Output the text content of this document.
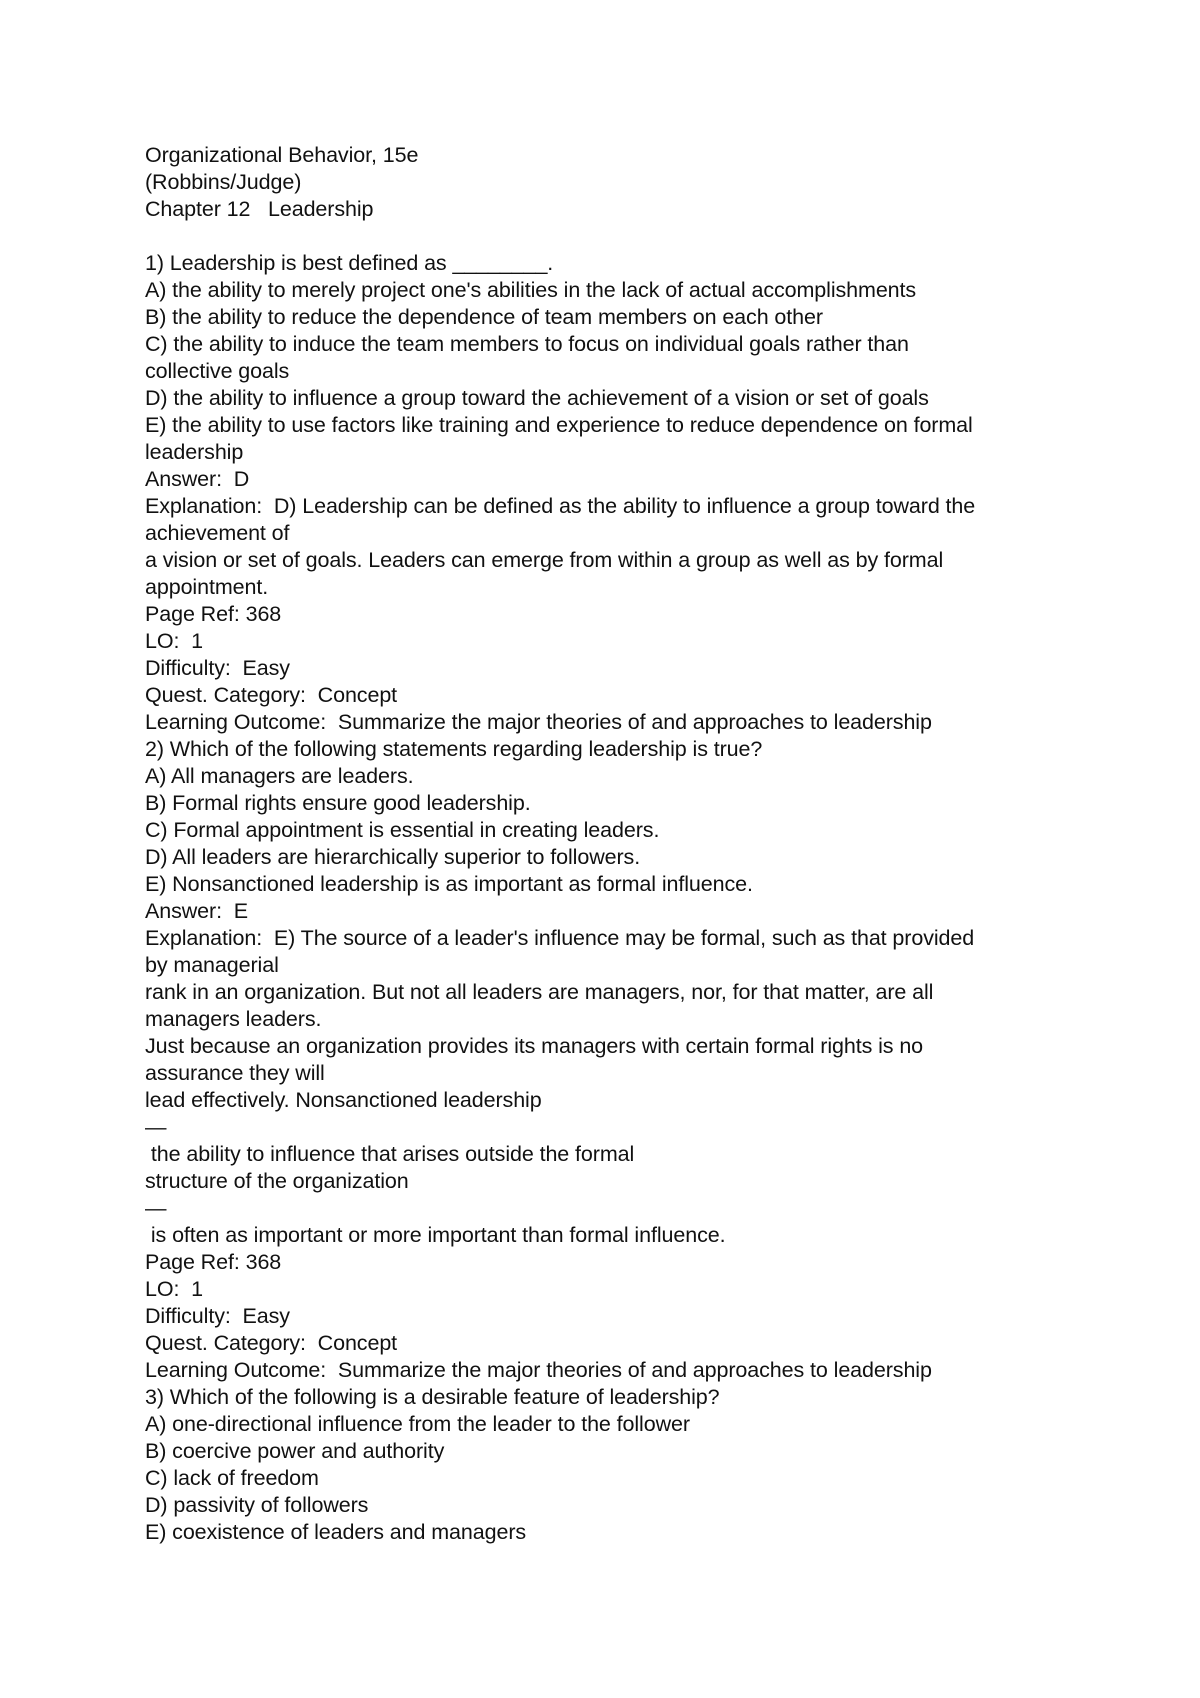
Organizational Behavior, 15e
(Robbins/Judge)
Chapter 12   Leadership
1) Leadership is best defined as ________.
A) the ability to merely project one's abilities in the lack of actual accomplishments
B) the ability to reduce the dependence of team members on each other
C) the ability to induce the team members to focus on individual goals rather than
collective goals
D) the ability to influence a group toward the achievement of a vision or set of goals
E) the ability to use factors like training and experience to reduce dependence on formal
leadership
Answer:  D
Explanation:  D) Leadership can be defined as the ability to influence a group toward the
achievement of
a vision or set of goals. Leaders can emerge from within a group as well as by formal
appointment.
Page Ref: 368
LO:  1
Difficulty:  Easy
Quest. Category:  Concept
Learning Outcome:  Summarize the major theories of and approaches to leadership
2) Which of the following statements regarding leadership is true?
A) All managers are leaders.
B) Formal rights ensure good leadership.
C) Formal appointment is essential in creating leaders.
D) All leaders are hierarchically superior to followers.
E) Nonsanctioned leadership is as important as formal influence.
Answer:  E
Explanation:  E) The source of a leader's influence may be formal, such as that provided
by managerial
rank in an organization. But not all leaders are managers, nor, for that matter, are all
managers leaders.
Just because an organization provides its managers with certain formal rights is no
assurance they will
lead effectively. Nonsanctioned leadership
—
the ability to influence that arises outside the formal
structure of the organization
—
is often as important or more important than formal influence.
Page Ref: 368
LO:  1
Difficulty:  Easy
Quest. Category:  Concept
Learning Outcome:  Summarize the major theories of and approaches to leadership
3) Which of the following is a desirable feature of leadership?
A) one-directional influence from the leader to the follower
B) coercive power and authority
C) lack of freedom
D) passivity of followers
E) coexistence of leaders and managers
